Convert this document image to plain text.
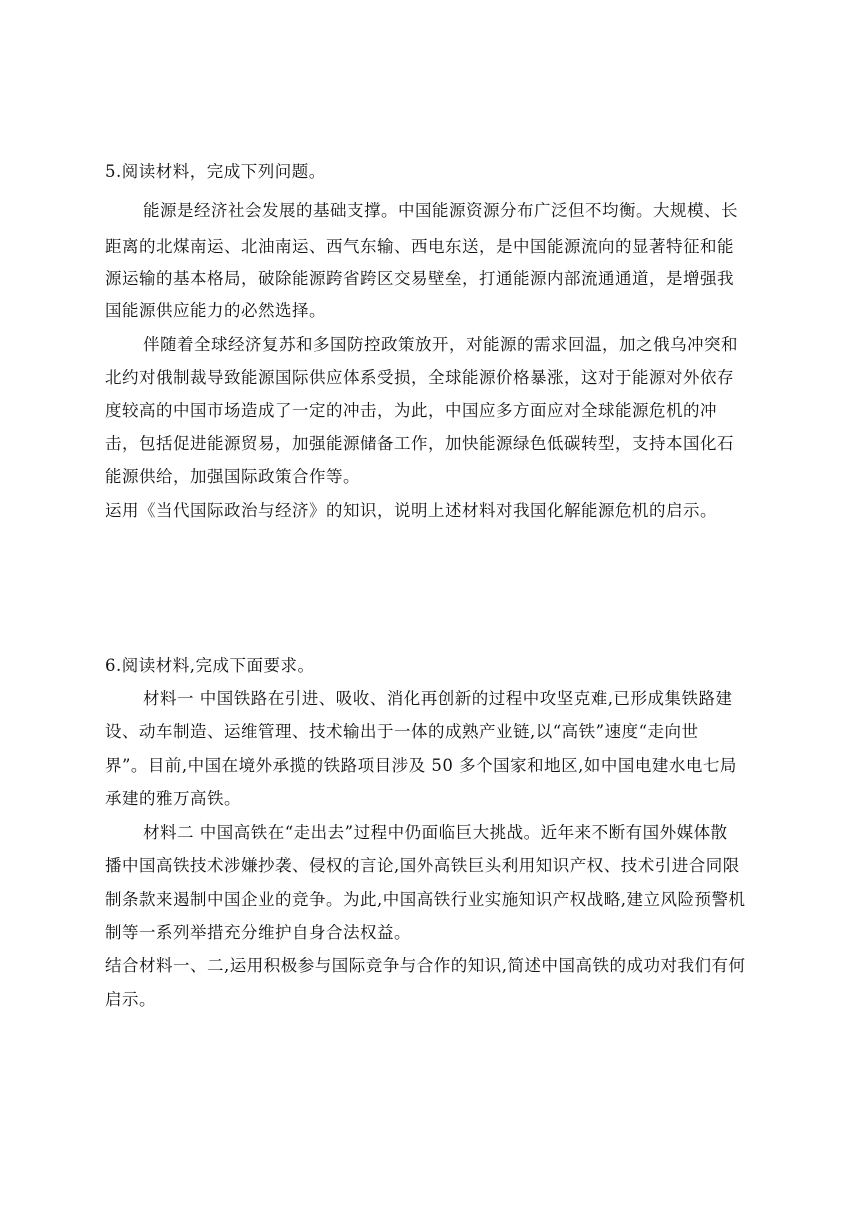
5.阅读材料，完成下列问题。
能源是经济社会发展的基础支撑。中国能源资源分布广泛但不均衡。大规模、长
距离的北煤南运、北油南运、西气东输、西电东送，是中国能源流向的显著特征和能
源运输的基本格局，破除能源跨省跨区交易壁垒，打通能源内部流通通道，是增强我
国能源供应能力的必然选择。
伴随着全球经济复苏和多国防控政策放开，对能源的需求回温，加之俄乌冲突和
北约对俄制裁导致能源国际供应体系受损，全球能源价格暴涨，这对于能源对外依存
度较高的中国市场造成了一定的冲击，为此，中国应多方面应对全球能源危机的冲
击，包括促进能源贸易，加强能源储备工作，加快能源绿色低碳转型，支持本国化石
能源供给，加强国际政策合作等。
运用《当代国际政治与经济》的知识，说明上述材料对我国化解能源危机的启示。
6.阅读材料,完成下面要求。
材料一 中国铁路在引进、吸收、消化再创新的过程中攻坚克难,已形成集铁路建
设、动车制造、运维管理、技术输出于一体的成熟产业链,以“高铁”速度“走向世
界”。目前,中国在境外承揽的铁路项目涉及 50 多个国家和地区,如中国电建水电七局
承建的雅万高铁。
材料二 中国高铁在“走出去”过程中仍面临巨大挑战。近年来不断有国外媒体散
播中国高铁技术涉嫌抄袭、侵权的言论,国外高铁巨头利用知识产权、技术引进合同限
制条款来遏制中国企业的竞争。为此,中国高铁行业实施知识产权战略,建立风险预警机
制等一系列举措充分维护自身合法权益。
结合材料一、二,运用积极参与国际竞争与合作的知识,简述中国高铁的成功对我们有何
启示。
